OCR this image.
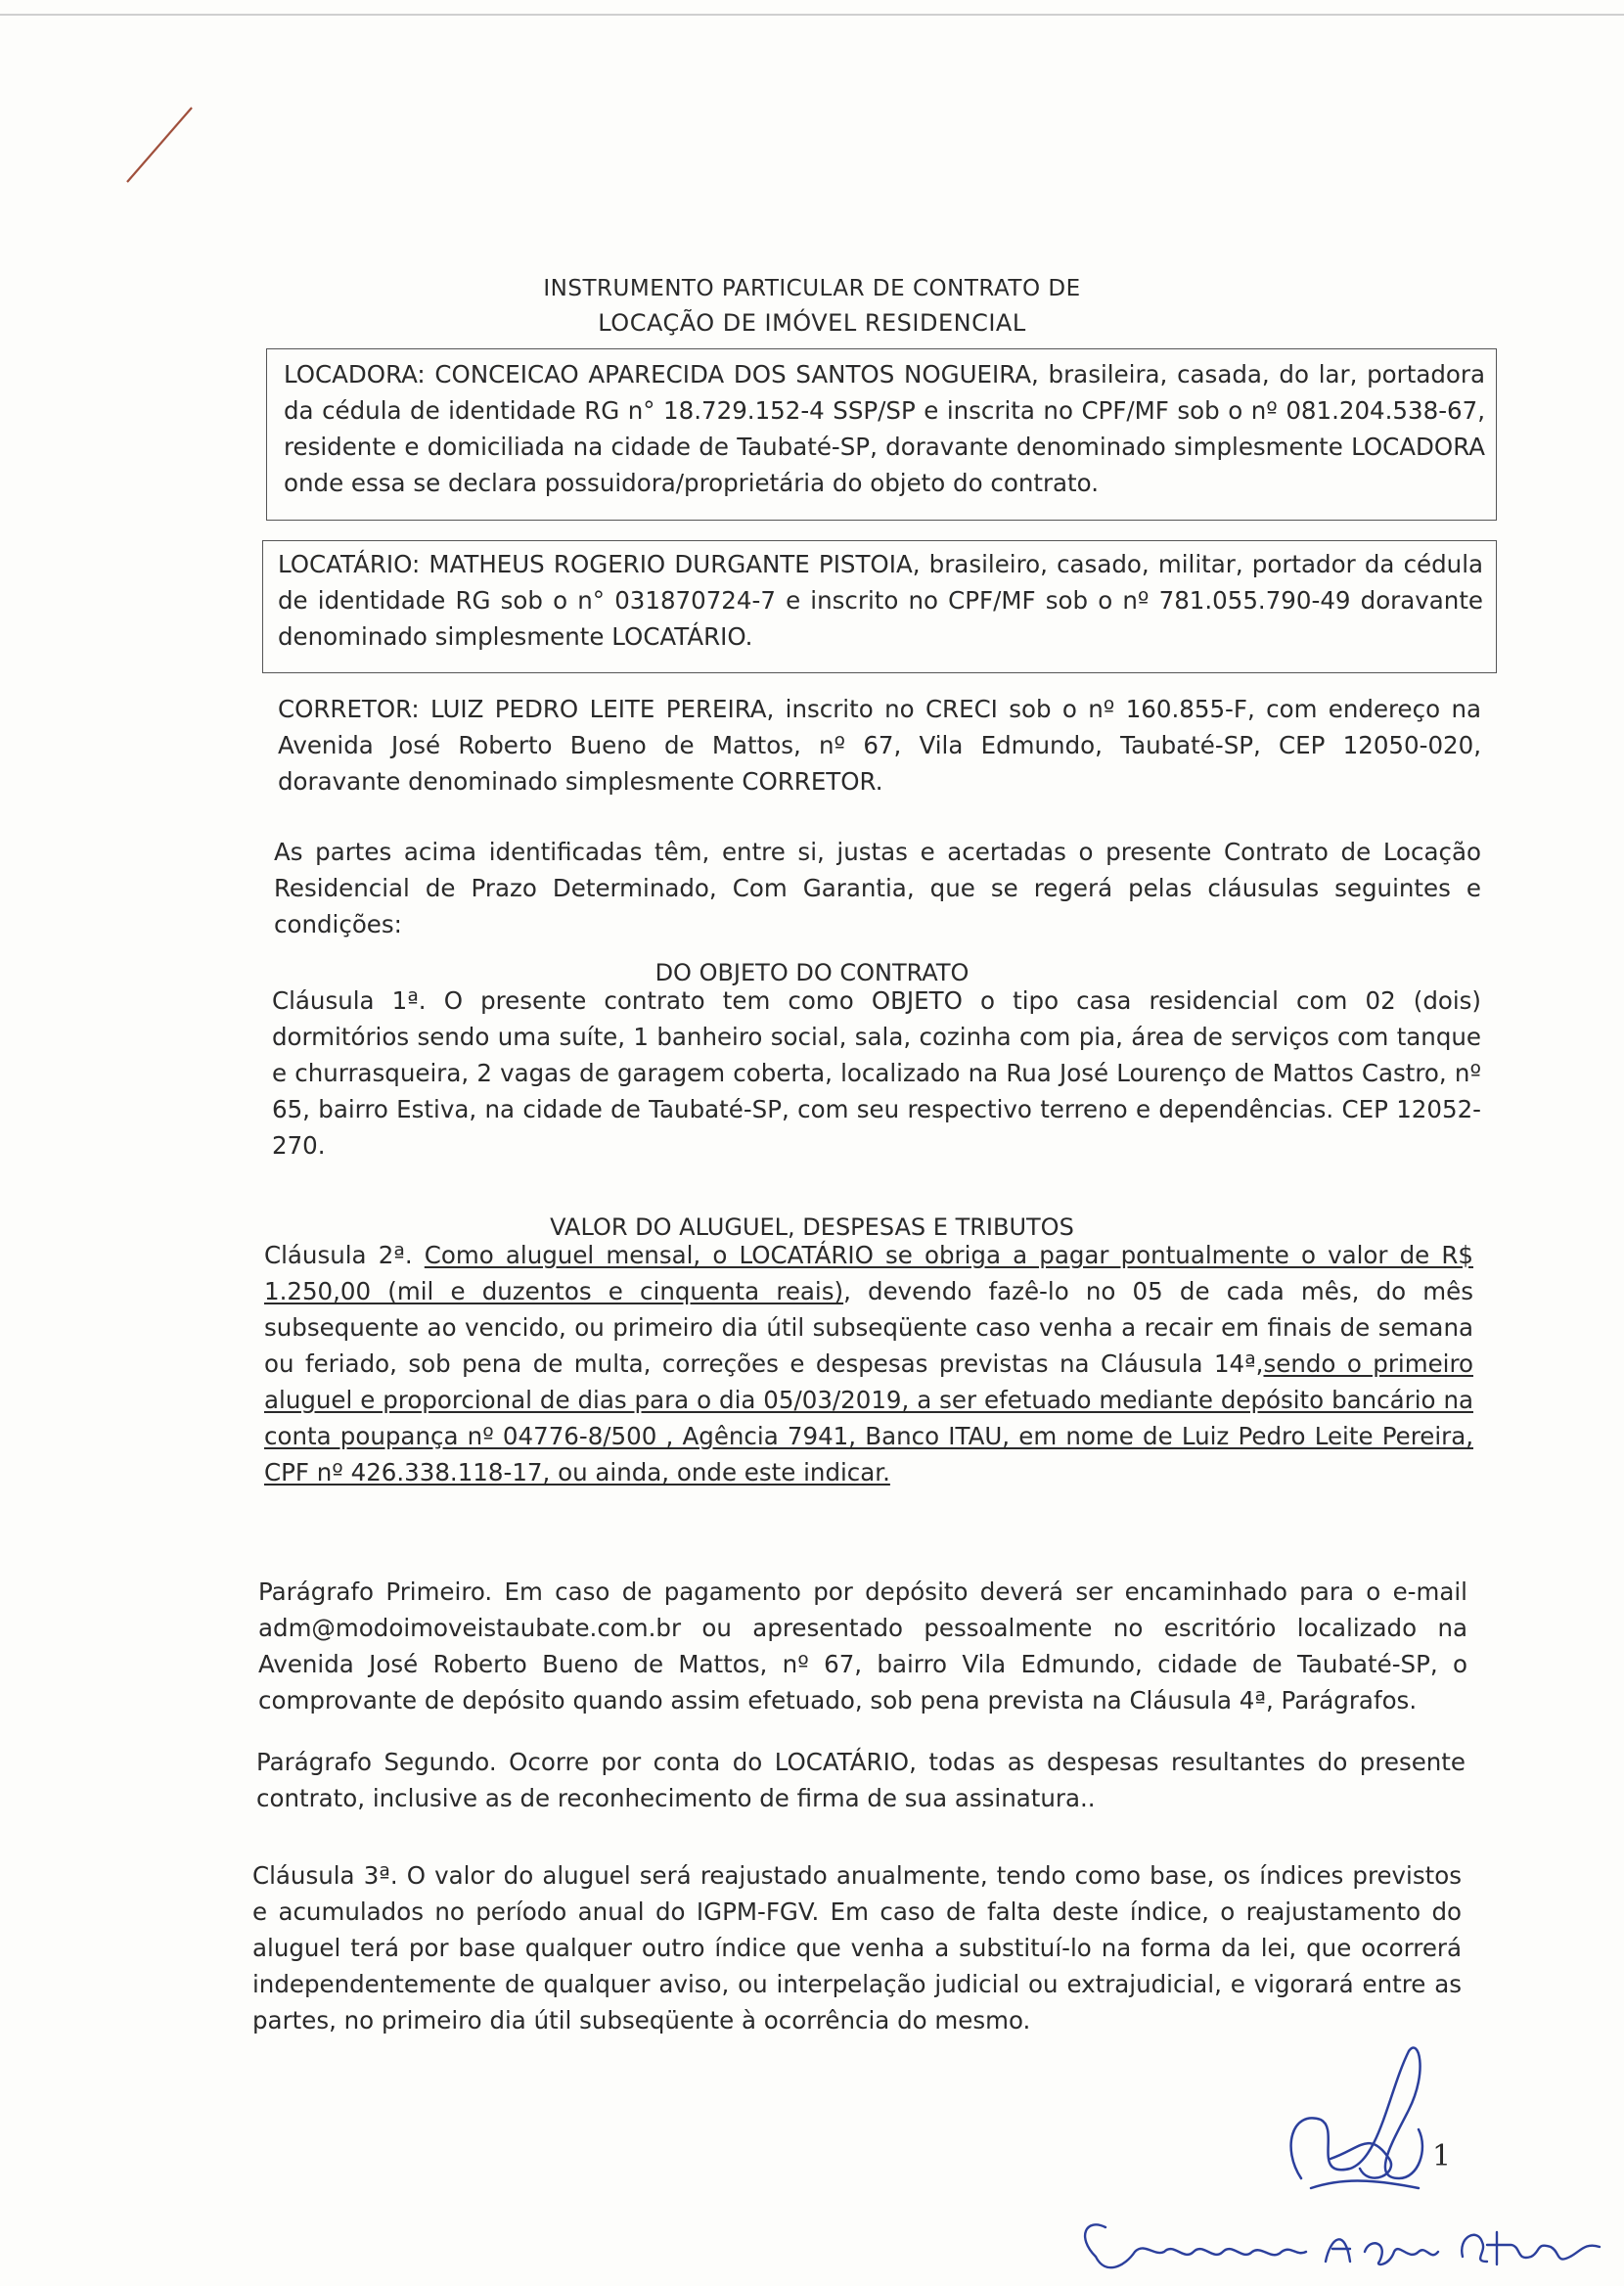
INSTRUMENTO PARTICULAR DE CONTRATO DE
LOCAÇÃO DE IMÓVEL RESIDENCIAL
LOCADORA: CONCEICAO APARECIDA DOS SANTOS NOGUEIRA, brasileira, casada, do lar, portadora da cédula de identidade RG n° 18.729.152-4 SSP/SP e inscrita no CPF/MF sob o nº 081.204.538-67, residente e domiciliada na cidade de Taubaté-SP, doravante denominado simplesmente LOCADORA onde essa se declara possuidora/proprietária do objeto do contrato.
LOCATÁRIO: MATHEUS ROGERIO DURGANTE PISTOIA, brasileiro, casado, militar, portador da cédula de identidade RG sob o n° 031870724-7 e inscrito no CPF/MF sob o nº 781.055.790-49 doravante denominado simplesmente LOCATÁRIO.
CORRETOR: LUIZ PEDRO LEITE PEREIRA, inscrito no CRECI sob o nº 160.855-F, com endereço na Avenida José Roberto Bueno de Mattos, nº 67, Vila Edmundo, Taubaté-SP, CEP 12050-020, doravante denominado simplesmente CORRETOR.
As partes acima identificadas têm, entre si, justas e acertadas o presente Contrato de Locação Residencial de Prazo Determinado, Com Garantia, que se regerá pelas cláusulas seguintes e condições:
DO OBJETO DO CONTRATO
Cláusula 1ª. O presente contrato tem como OBJETO o tipo casa residencial com 02 (dois) dormitórios sendo uma suíte, 1 banheiro social, sala, cozinha com pia, área de serviços com tanque e churrasqueira, 2 vagas de garagem coberta, localizado na Rua José Lourenço de Mattos Castro, nº 65, bairro Estiva, na cidade de Taubaté-SP, com seu respectivo terreno e dependências. CEP 12052-270.
VALOR DO ALUGUEL, DESPESAS E TRIBUTOS
Cláusula 2ª. Como aluguel mensal, o LOCATÁRIO se obriga a pagar pontualmente o valor de R$ 1.250,00 (mil e duzentos e cinquenta reais), devendo fazê-lo no 05 de cada mês, do mês subsequente ao vencido, ou primeiro dia útil subseqüente caso venha a recair em finais de semana ou feriado, sob pena de multa, correções e despesas previstas na Cláusula 14ª,sendo o primeiro aluguel e proporcional de dias para o dia 05/03/2019, a ser efetuado mediante depósito bancário na conta poupança nº 04776-8/500 , Agência 7941, Banco ITAU, em nome de Luiz Pedro Leite Pereira, CPF nº 426.338.118-17, ou ainda, onde este indicar.
Parágrafo Primeiro. Em caso de pagamento por depósito deverá ser encaminhado para o e-mail adm@modoimoveistaubate.com.br ou apresentado pessoalmente no escritório localizado na Avenida José Roberto Bueno de Mattos, nº 67, bairro Vila Edmundo, cidade de Taubaté-SP, o comprovante de depósito quando assim efetuado, sob pena prevista na Cláusula 4ª, Parágrafos.
Parágrafo Segundo. Ocorre por conta do LOCATÁRIO, todas as despesas resultantes do presente contrato, inclusive as de reconhecimento de firma de sua assinatura..
Cláusula 3ª. O valor do aluguel será reajustado anualmente, tendo como base, os índices previstos e acumulados no período anual do IGPM-FGV. Em caso de falta deste índice, o reajustamento do aluguel terá por base qualquer outro índice que venha a substituí-lo na forma da lei, que ocorrerá independentemente de qualquer aviso, ou interpelação judicial ou extrajudicial, e vigorará entre as partes, no primeiro dia útil subseqüente à ocorrência do mesmo.
1
